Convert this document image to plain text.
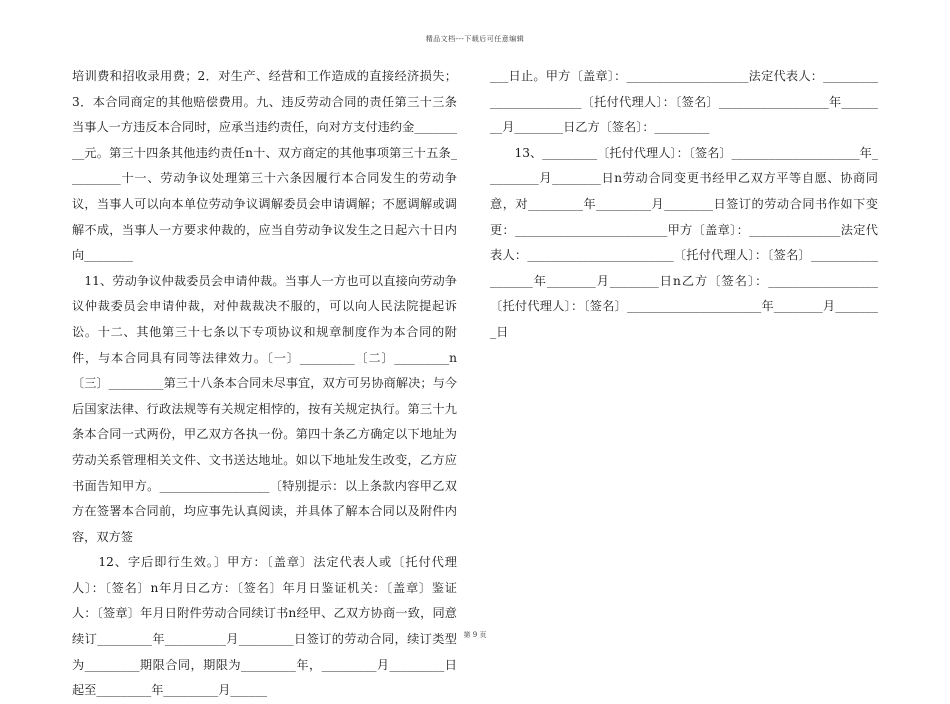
精品文档---下载后可任意编辑

培训费和招收录用费；2．对生产、经营和工作造成的直接经济损失；3．本合同商定的其他赔偿费用。九、违反劳动合同的责任第三十三条当事人一方违反本合同时，应承当违约责任，向对方支付违约金_________元。第三十四条其他违约责任n十、双方商定的其他事项第三十五条_________十一、劳动争议处理第三十六条因履行本合同发生的劳动争议，当事人可以向本单位劳动争议调解委员会申请调解；不愿调解或调解不成，当事人一方要求仲裁的，应当自劳动争议发生之日起六十日内向________

　11、劳动争议仲裁委员会申请仲裁。当事人一方也可以直接向劳动争议仲裁委员会申请仲裁，对仲裁裁决不服的，可以向人民法院提起诉讼。十二、其他第三十七条以下专项协议和规章制度作为本合同的附件，与本合同具有同等法律效力。〔一〕_________〔二〕_________n〔三〕_________第三十八条本合同未尽事宜，双方可另协商解决；与今后国家法律、行政法规等有关规定相悖的，按有关规定执行。第三十九条本合同一式两份，甲乙双方各执一份。第四十条乙方确定以下地址为劳动关系管理相关文件、文书送达地址。如以下地址发生改变，乙方应书面告知甲方。__________________〔特别提示：以上条款内容甲乙双方在签署本合同前，均应事先认真阅读，并具体了解本合同以及附件内容，双方签

　　12、字后即行生效。〕甲方：〔盖章〕法定代表人或〔托付代理人〕：〔签名〕n年月日乙方：〔签名〕年月日鉴证机关：〔盖章〕鉴证人：〔签章〕年月日附件劳动合同续订书n经甲、乙双方协商一致，同意续订_________年__________月_________日签订的劳动合同，续订类型为_________期限合同，期限为_________年，_________月_________日起至_________年_________月______

___日止。甲方〔盖章〕：____________________法定代表人：________________________〔托付代理人〕：〔签名〕__________________年________月________日乙方〔签名〕：_________

　　13、_________〔托付代理人〕：〔签名〕_____________________年_________月________日n劳动合同变更书经甲乙双方平等自愿、协商同意，对_________年_________月________日签订的劳动合同书作如下变更：_________________________甲方〔盖章〕：_______________法定代表人：________________________〔托付代理人〕：〔签名〕__________________年________月________日n乙方〔签名〕：__________________〔托付代理人〕：〔签名〕______________________年________月________日

第 9 页
